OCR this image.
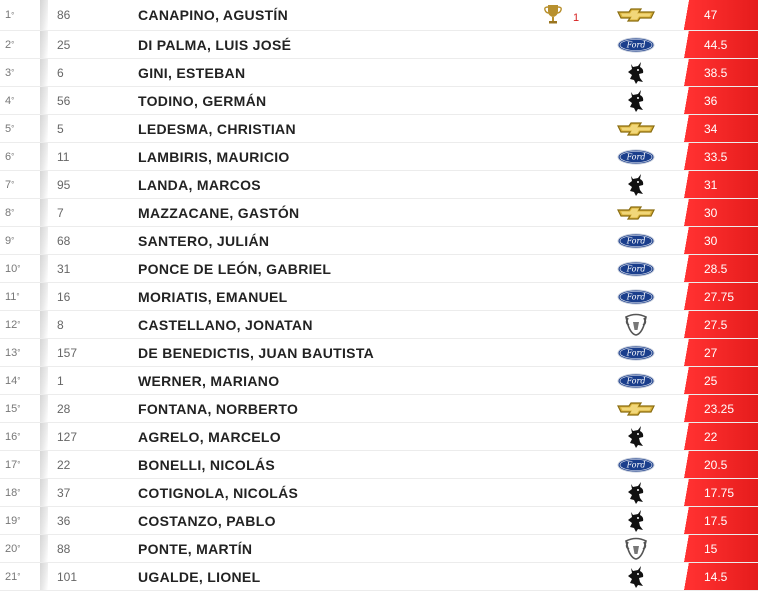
1 °	86	CANAPINO, AGUSTÍN	1	47
2 °	25	DI PALMA, LUIS JOSÉ	Ford	44.5
3 °	6	GINI, ESTEBAN	38.5
4 °	56	TODINO, GERMÁN	36
5 °	5	LEDESMA, CHRISTIAN	34
6 °	11	LAMBIRIS, MAURICIO	Ford	33.5
7 °	95	LANDA, MARCOS	31
8 °	7	MAZZACANE, GASTÓN	30
9 °	68	SANTERO, JULIÁN	Ford	30
10 °	31	PONCE DE LEÓN, GABRIEL	Ford	28.5
11 °	16	MORIATIS, EMANUEL	Ford	27.75
12 °	8	CASTELLANO, JONATAN	27.5
13 °	157	DE BENEDICTIS, JUAN BAUTISTA	Ford	27
14 °	1	WERNER, MARIANO	Ford	25
15 °	28	FONTANA, NORBERTO	23.25
16 °	127	AGRELO, MARCELO	22
17 °	22	BONELLI, NICOLÁS	Ford	20.5
18 °	37	COTIGNOLA, NICOLÁS	17.75
19 °	36	COSTANZO, PABLO	17.5
20 °	88	PONTE, MARTÍN	15
21 °	101	UGALDE, LIONEL	14.5
